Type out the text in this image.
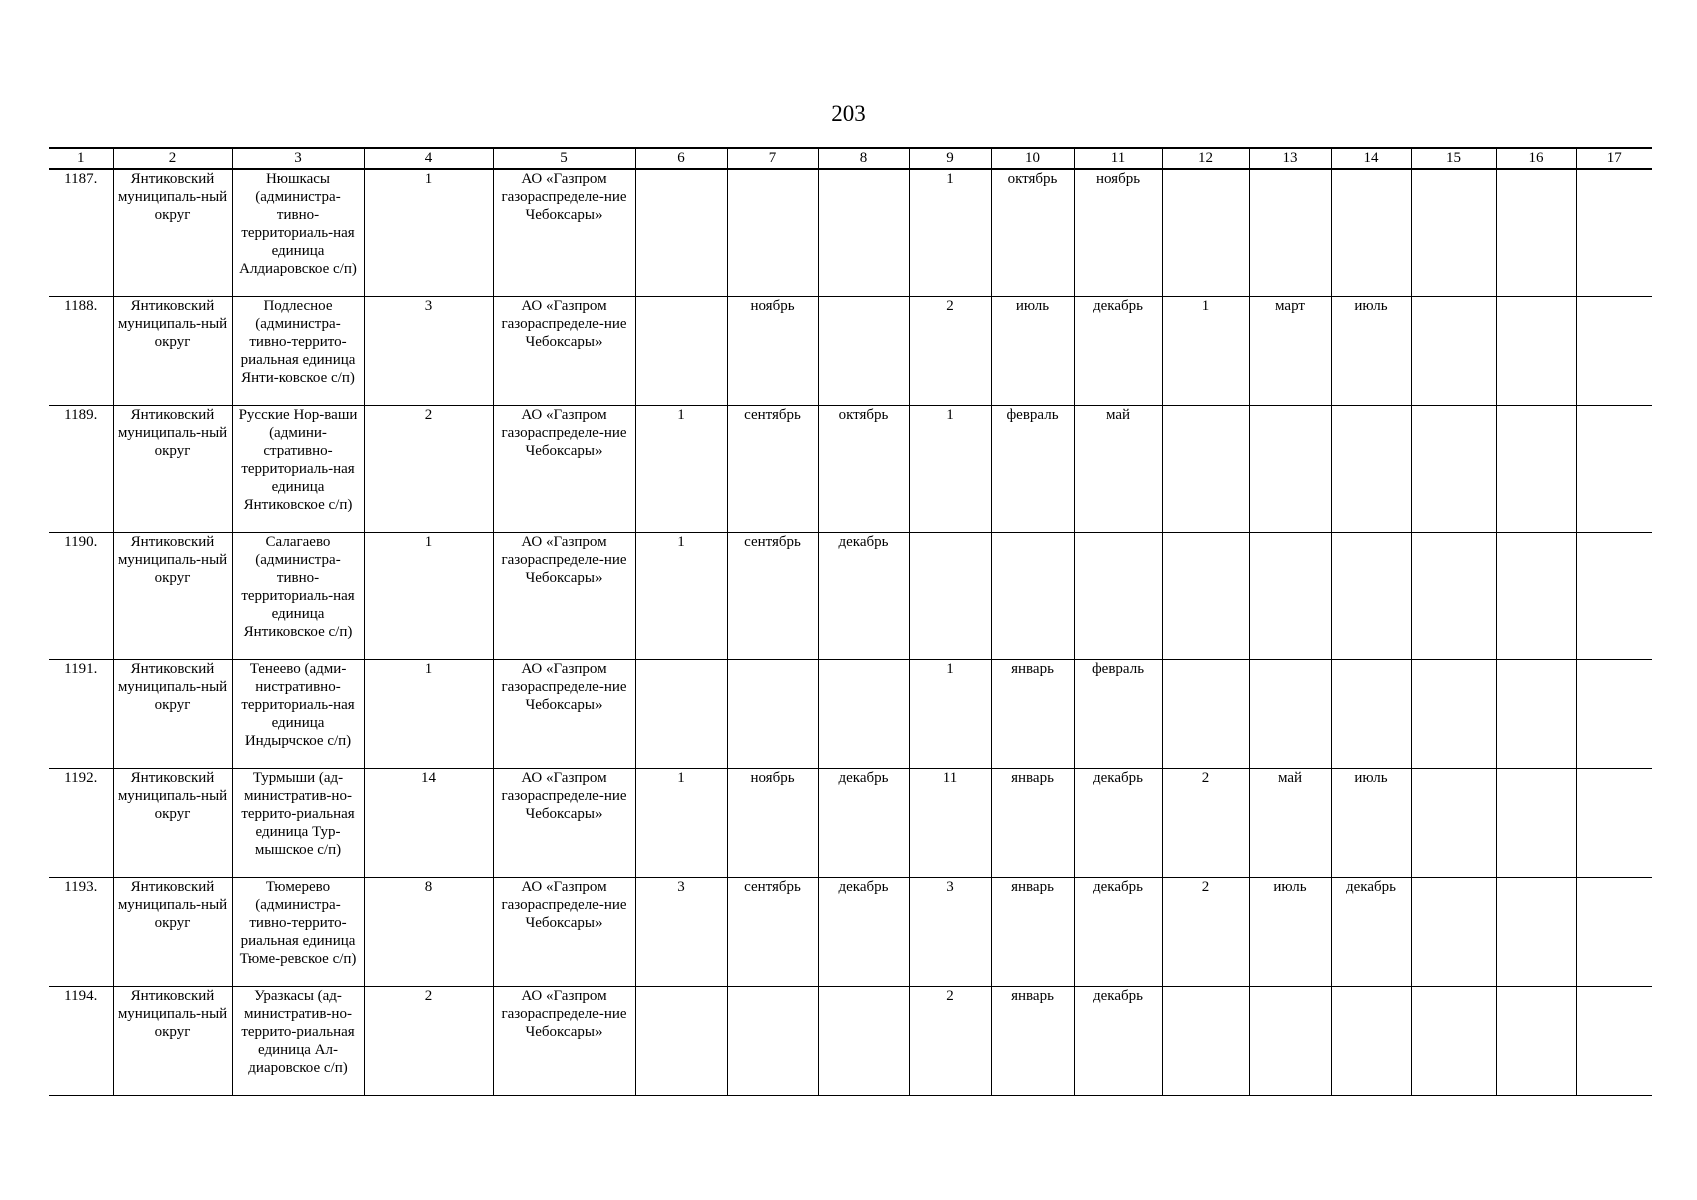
203
1	2	3	4	5	6	7	8	9	10	11	12	13	14	15	16	17
1187.	Янтиковский муниципаль-ный округ	Нюшкасы (администра-тивно-территориаль-ная единица Алдиаровское с/п)	1	АО «Газпром газораспределе-ние Чебоксары»				1	октябрь	ноябрь						
1188.	Янтиковский муниципаль-ный округ	Подлесное (администра-тивно-террито-риальная единица Янти-ковское с/п)	3	АО «Газпром газораспределе-ние Чебоксары»		ноябрь		2	июль	декабрь	1	март	июль			
1189.	Янтиковский муниципаль-ный округ	Русские Нор-ваши (админи-стративно-территориаль-ная единица Янтиковское с/п)	2	АО «Газпром газораспределе-ние Чебоксары»	1	сентябрь	октябрь	1	февраль	май						
1190.	Янтиковский муниципаль-ный округ	Салагаево (администра-тивно-территориаль-ная единица Янтиковское с/п)	1	АО «Газпром газораспределе-ние Чебоксары»	1	сентябрь	декабрь									
1191.	Янтиковский муниципаль-ный округ	Тенеево (адми-нистративно-территориаль-ная единица Индырчское с/п)	1	АО «Газпром газораспределе-ние Чебоксары»				1	январь	февраль						
1192.	Янтиковский муниципаль-ный округ	Турмыши (ад-министратив-но-террито-риальная единица Тур-мышское с/п)	14	АО «Газпром газораспределе-ние Чебоксары»	1	ноябрь	декабрь	11	январь	декабрь	2	май	июль			
1193.	Янтиковский муниципаль-ный округ	Тюмерево (администра-тивно-террито-риальная единица Тюме-ревское с/п)	8	АО «Газпром газораспределе-ние Чебоксары»	3	сентябрь	декабрь	3	январь	декабрь	2	июль	декабрь			
1194.	Янтиковский муниципаль-ный округ	Уразкасы (ад-министратив-но-террито-риальная единица Ал-диаровское с/п)	2	АО «Газпром газораспределе-ние Чебоксары»				2	январь	декабрь						
